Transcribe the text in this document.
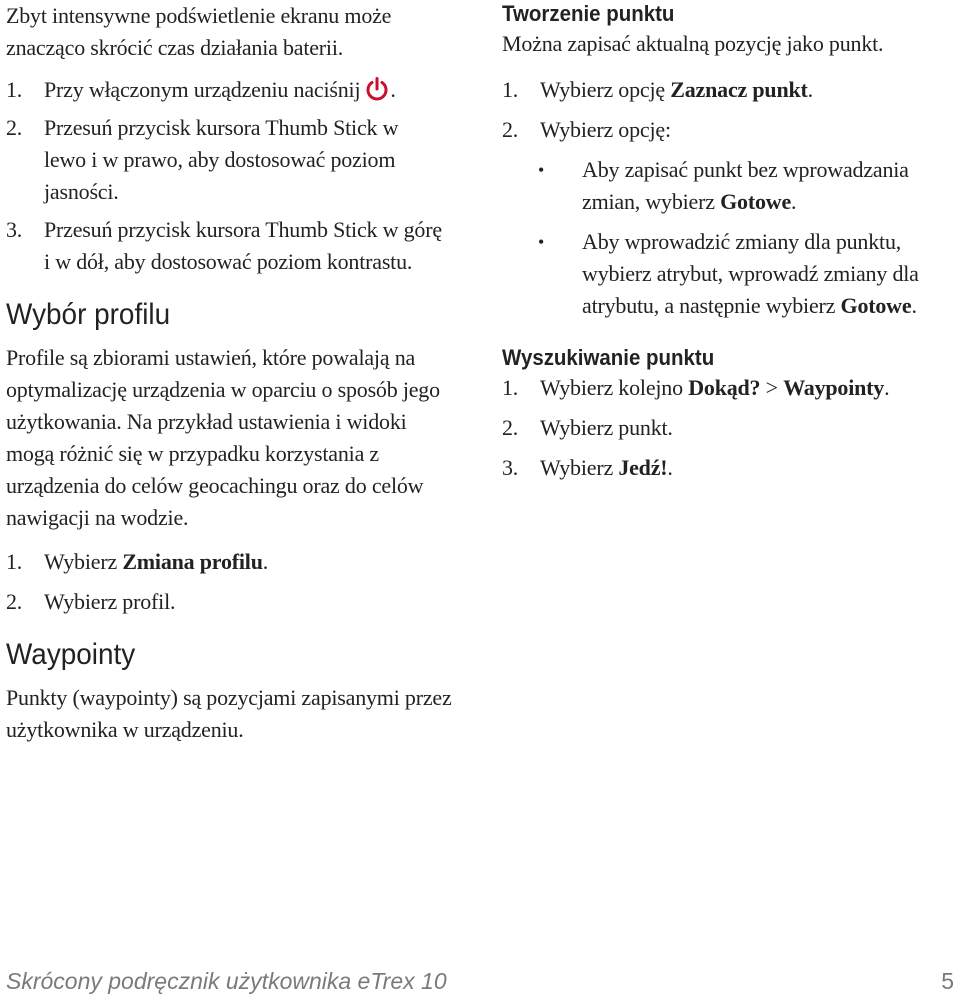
Zbyt intensywne podświetlenie ekranu może znacząco skrócić czas działania baterii.

1. Przy włączonym urządzeniu naciśnij .
2. Przesuń przycisk kursora Thumb Stick w lewo i w prawo, aby dostosować poziom jasności.
3. Przesuń przycisk kursora Thumb Stick w górę i w dół, aby dostosować poziom kontrastu.
Wybór profilu

Profile są zbiorami ustawień, które powalają na optymalizację urządzenia w oparciu o sposób jego użytkowania. Na przykład ustawienia i widoki mogą różnić się w przypadku korzystania z urządzenia do celów geocachingu oraz do celów nawigacji na wodzie.

1. Wybierz Zmiana profilu.
2. Wybierz profil.
Waypointy

Punkty (waypointy) są pozycjami zapisanymi przez użytkownika w urządzeniu.

Tworzenie punktu

Można zapisać aktualną pozycję jako punkt.

1. Wybierz opcję Zaznacz punkt.
2. Wybierz opcję:
• Aby zapisać punkt bez wprowadzania zmian, wybierz Gotowe.
• Aby wprowadzić zmiany dla punktu, wybierz atrybut, wprowadź zmiany dla atrybutu, a następnie wybierz Gotowe.
Wyszukiwanie punktu
1. Wybierz kolejno Dokąd? > Waypointy.
2. Wybierz punkt.
3. Wybierz Jedź!.
Skrócony podręcznik użytkownika eTrex 10	5
